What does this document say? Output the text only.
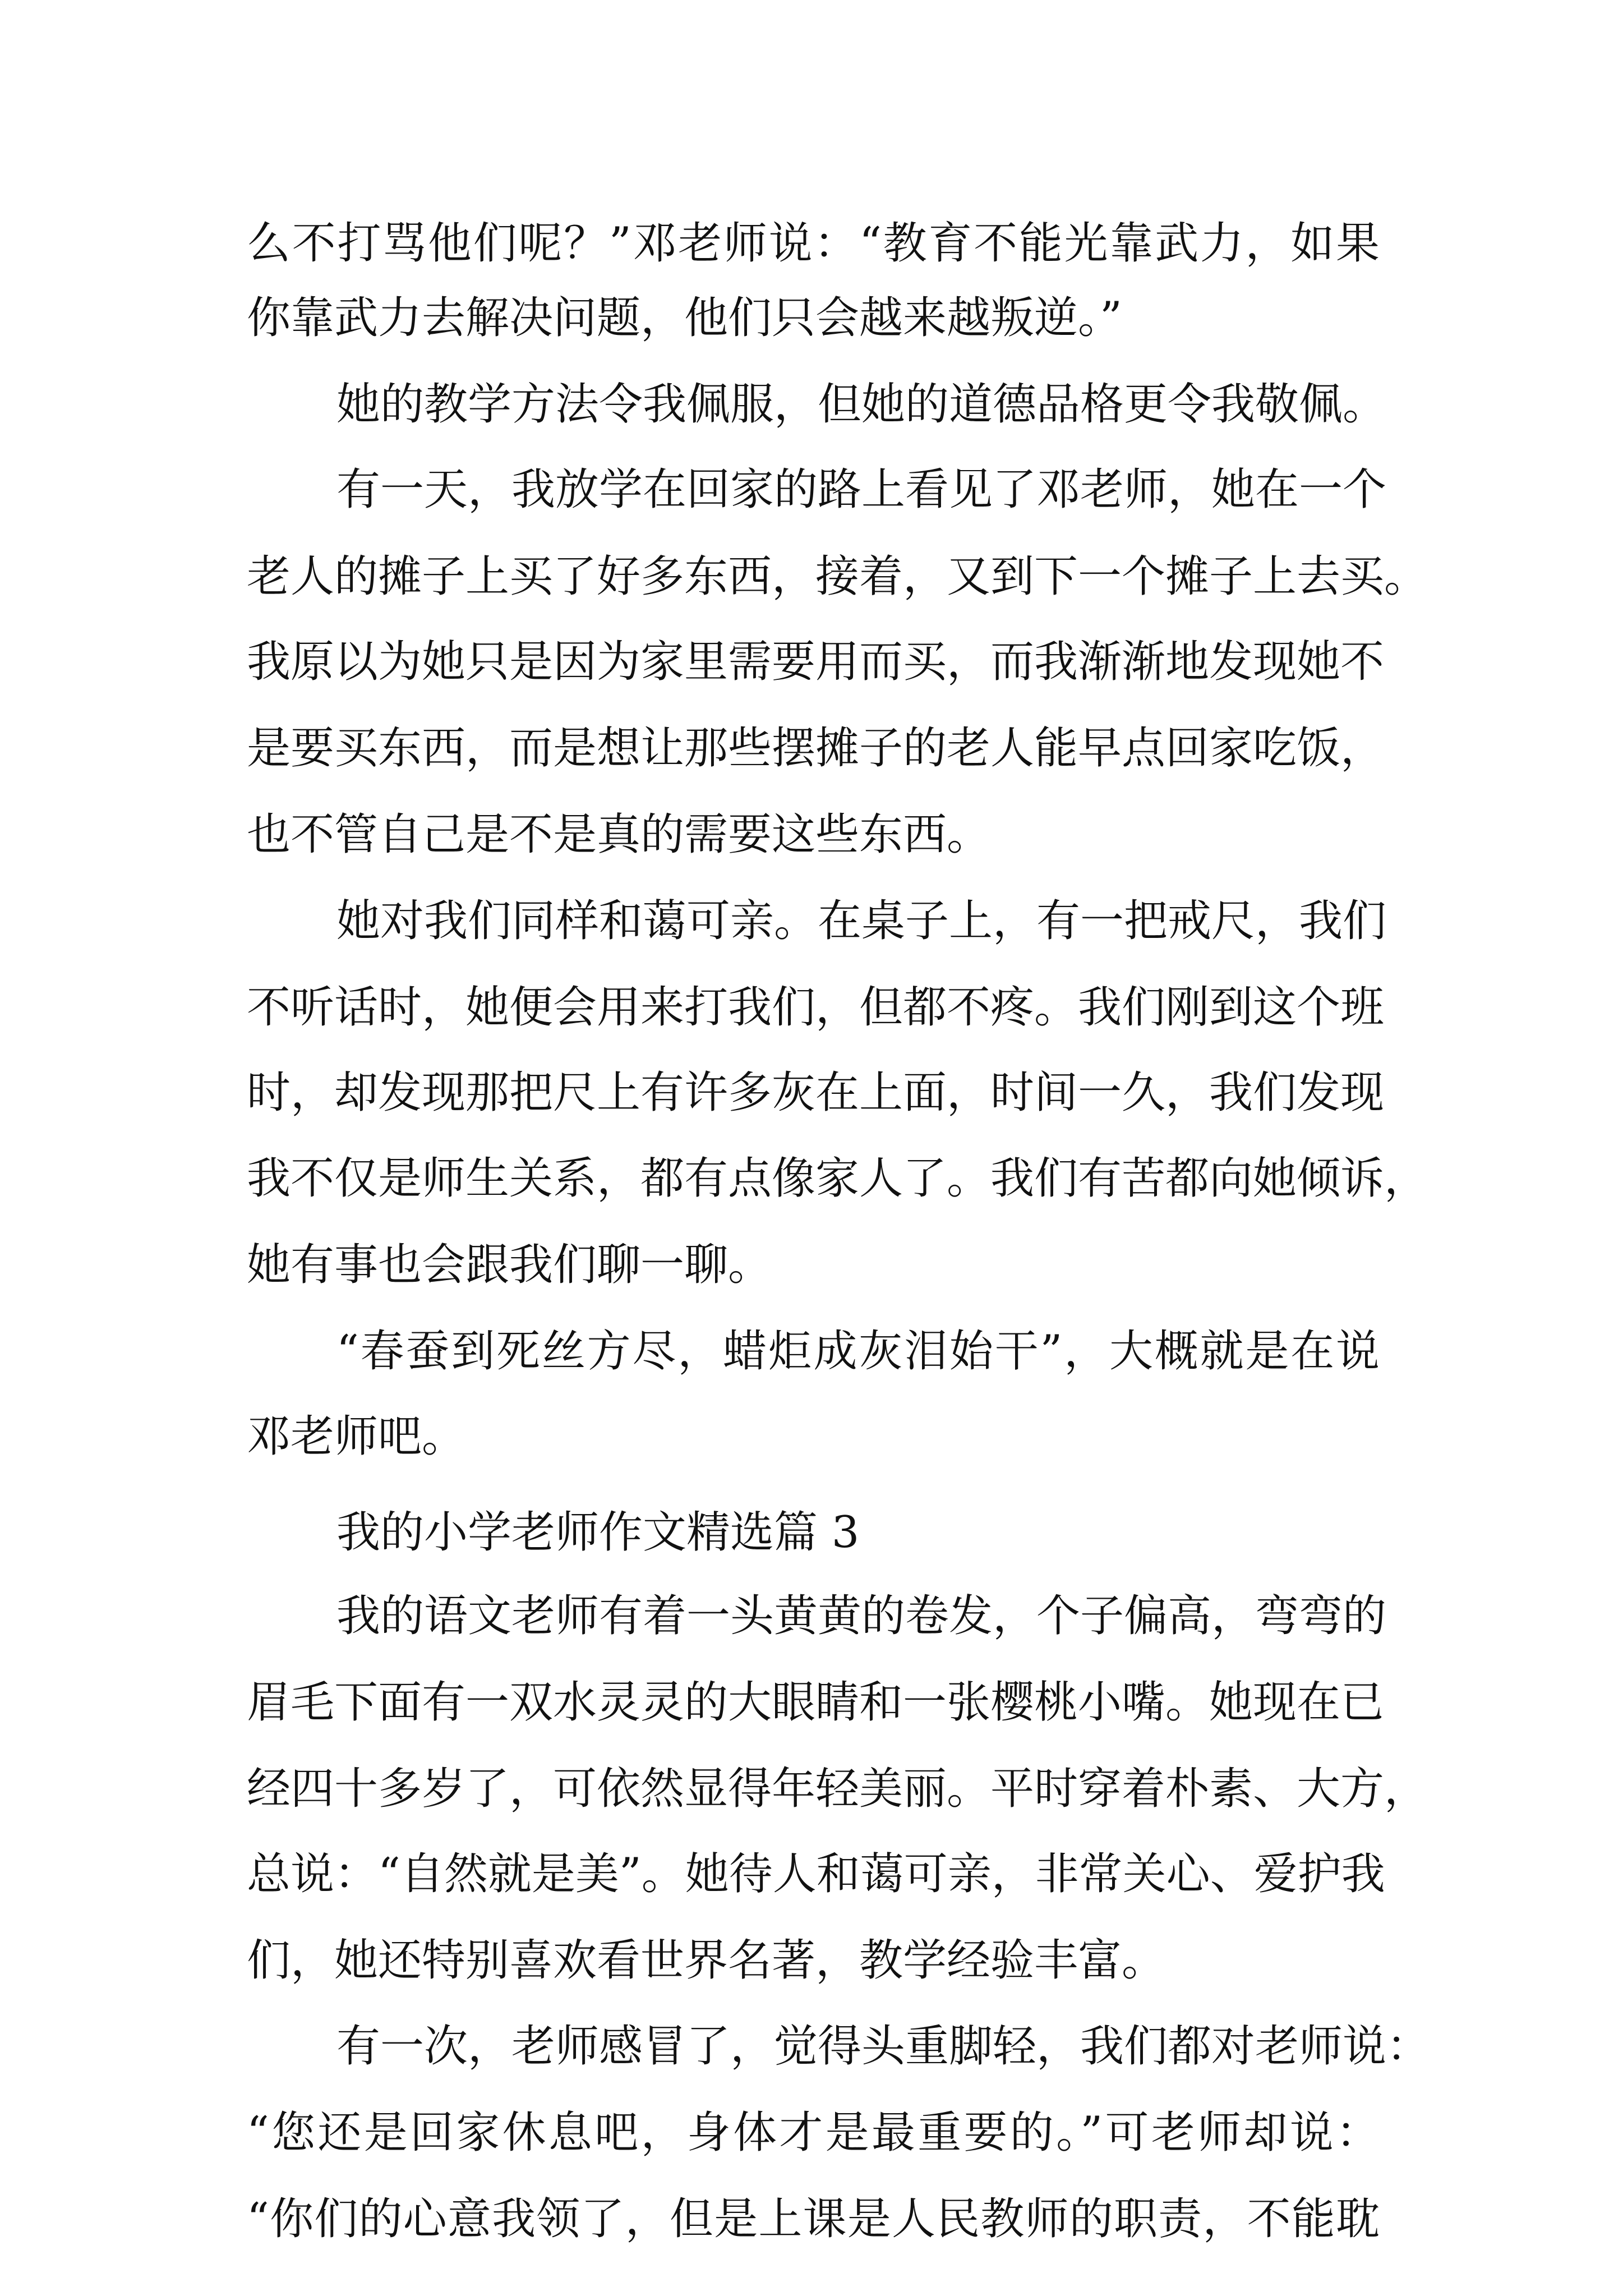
么不打骂他们呢？”邓老师说：“教育不能光靠武力，如果
你靠武力去解决问题，他们只会越来越叛逆。”
她的教学方法令我佩服，但她的道德品格更令我敬佩。
有一天，我放学在回家的路上看见了邓老师，她在一个
老人的摊子上买了好多东西，接着，又到下一个摊子上去买。
我原以为她只是因为家里需要用而买，而我渐渐地发现她不
是要买东西，而是想让那些摆摊子的老人能早点回家吃饭，
也不管自己是不是真的需要这些东西。
她对我们同样和蔼可亲。在桌子上，有一把戒尺，我们
不听话时，她便会用来打我们，但都不疼。我们刚到这个班
时，却发现那把尺上有许多灰在上面，时间一久，我们发现
我不仅是师生关系，都有点像家人了。我们有苦都向她倾诉，
她有事也会跟我们聊一聊。
“春蚕到死丝方尽，蜡炬成灰泪始干”，大概就是在说
邓老师吧。
我的小学老师作文精选篇 3
我的语文老师有着一头黄黄的卷发，个子偏高，弯弯的
眉毛下面有一双水灵灵的大眼睛和一张樱桃小嘴。她现在已
经四十多岁了，可依然显得年轻美丽。平时穿着朴素、大方，
总说：“自然就是美”。她待人和蔼可亲，非常关心、爱护我
们，她还特别喜欢看世界名著，教学经验丰富。
有一次，老师感冒了，觉得头重脚轻，我们都对老师说：
“您还是回家休息吧，身体才是最重要的。”可老师却说：
“你们的心意我领了，但是上课是人民教师的职责，不能耽
